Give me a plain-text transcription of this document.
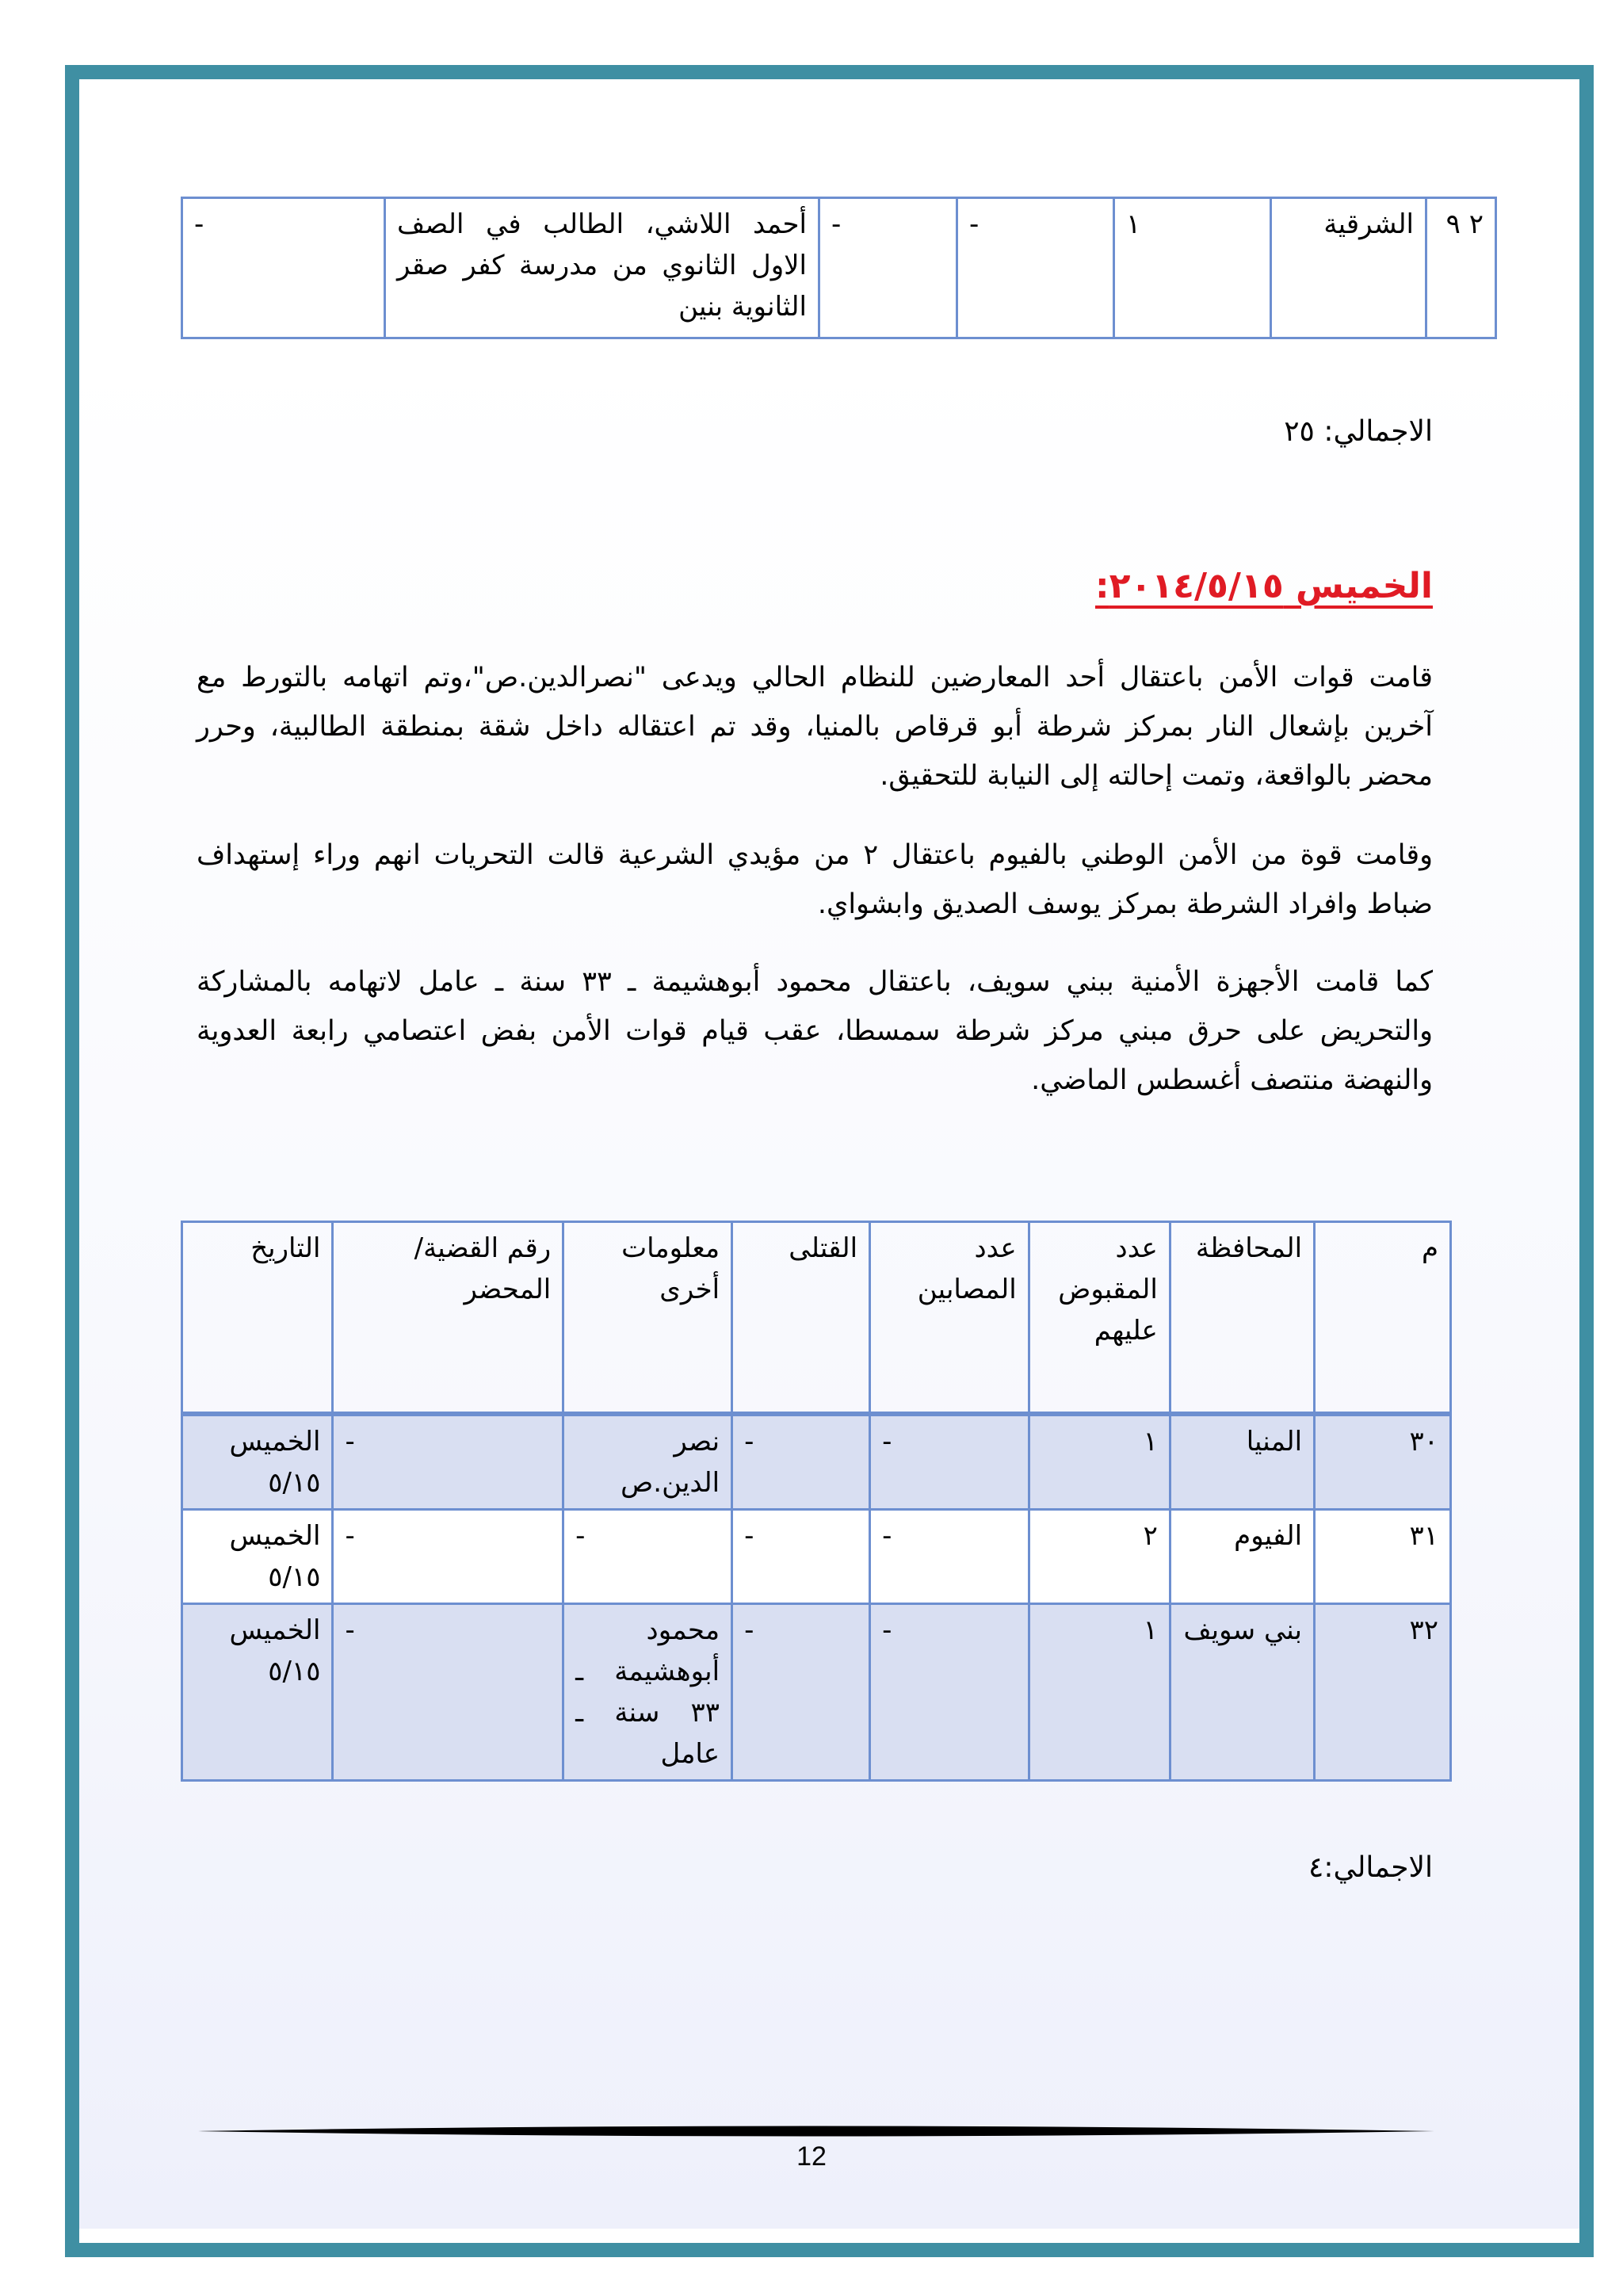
٢ ٩	الشرقية	١	-	-	أحمد اللاشي، الطالب في الصف الاول الثانوي من مدرسة كفر صقر الثانوية بنين	-
الاجمالي: ٢٥
الخميس ٢٠١٤/٥/١٥:

قامت قوات الأمن باعتقال أحد المعارضين للنظام الحالي ويدعى "نصرالدين.ص"،وتم اتهامه بالتورط مع آخرين بإشعال النار بمركز شرطة أبو قرقاص بالمنيا، وقد تم اعتقاله داخل شقة بمنطقة الطالبية، وحرر محضر بالواقعة، وتمت إحالته إلى النيابة للتحقيق.

وقامت قوة من الأمن الوطني بالفيوم باعتقال ٢ من مؤيدي الشرعية قالت التحريات انهم وراء إستهداف ضباط وافراد الشرطة بمركز يوسف الصديق وابشواي.

كما قامت الأجهزة الأمنية ببني سويف، باعتقال محمود أبوهشيمة ـ ٣٣ سنة ـ عامل لاتهامه بالمشاركة والتحريض على حرق مبني مركز شرطة سمسطا، عقب قيام قوات الأمن بفض اعتصامي رابعة العدوية والنهضة منتصف أغسطس الماضي.

م	المحافظة	عدد المقبوض عليهم	عدد المصابين	القتلى	معلومات أخرى	رقم القضية/المحضر	التاريخ
٣٠	المنيا	١	-	-	نصر الدين.ص	-	الخميس ٥/١٥
٣١	الفيوم	٢	-	-	-	-	الخميس ٥/١٥
٣٢	بني سويف	١	-	-	محمود أبوهشيمة ـ ٣٣ سنة ـ عامل	-	الخميس ٥/١٥
الاجمالي:٤
12
